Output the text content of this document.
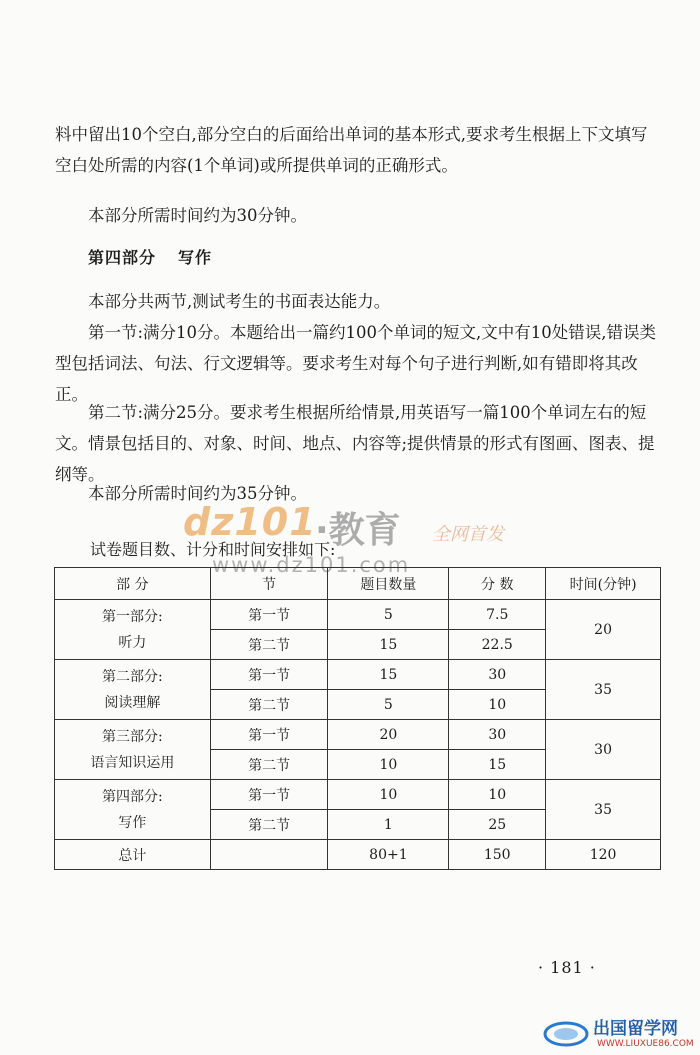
料中留出10个空白,部分空白的后面给出单词的基本形式,要求考生根据上下文填写空白处所需的内容(1个单词)或所提供单词的正确形式。

本部分所需时间约为30分钟。

第四部分 写作

本部分共两节,测试考生的书面表达能力。

第一节:满分10分。本题给出一篇约100个单词的短文,文中有10处错误,错误类型包括词法、句法、行文逻辑等。要求考生对每个句子进行判断,如有错即将其改正。

第二节:满分25分。要求考生根据所给情景,用英语写一篇100个单词左右的短文。情景包括目的、对象、时间、地点、内容等;提供情景的形式有图画、图表、提纲等。

本部分所需时间约为35分钟。

dz101
·教育 全网首发
试卷题目数、计分和时间安排如下:
www.dz101.com
部 分	节	题目数量	分 数	时间(分钟)
第一部分:
听力	第一节	5	7.5	20
	第二节	15	22.5	
第二部分:
阅读理解	第一节	15	30	35
	第二节	5	10	
第三部分:
语言知识运用	第一节	20	30	30
	第二节	10	15	
第四部分:
写作	第一节	10	10	35
	第二节	1	25	
总计		80+1	150	120
· 181 ·
出国留学网
WWW.LIUXUE86.COM
